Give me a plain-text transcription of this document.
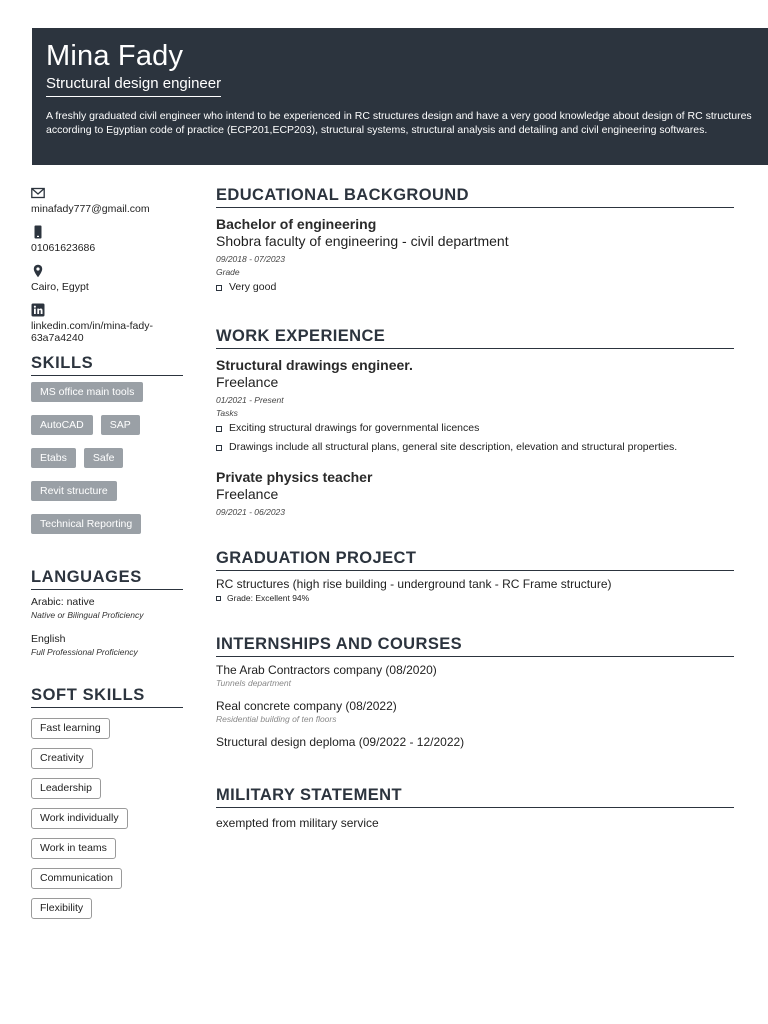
Mina Fady
Structural design engineer
A freshly graduated civil engineer who intend to be experienced in RC structures design and have a very good knowledge about design of RC structures according to Egyptian code of practice (ECP201,ECP203), structural systems, structural analysis and detailing and civil engineering softwares.
minafady777@gmail.com
01061623686
Cairo, Egypt
linkedin.com/in/mina-fady-63a7a4240
SKILLS
MS office main tools
AutoCAD	SAP
Etabs	Safe
Revit structure
Technical Reporting
LANGUAGES
Arabic: native
Native or Bilingual Proficiency
English
Full Professional Proficiency
SOFT SKILLS
Fast learning
Creativity
Leadership
Work individually
Work in teams
Communication
Flexibility
EDUCATIONAL BACKGROUND
Bachelor of engineering
Shobra faculty of engineering - civil department
09/2018 - 07/2023
Grade
Very good
WORK EXPERIENCE
Structural drawings engineer.
Freelance
01/2021 - Present
Tasks
Exciting structural drawings for governmental licences
Drawings include all structural plans, general site description, elevation and structural properties.
Private physics teacher
Freelance
09/2021 - 06/2023
GRADUATION PROJECT
RC structures (high rise building - underground tank - RC Frame structure)
Grade: Excellent 94%
INTERNSHIPS AND COURSES
The Arab Contractors company (08/2020)
Tunnels department
Real concrete company (08/2022)
Residential building of ten floors
Structural design deploma (09/2022 - 12/2022)
MILITARY STATEMENT
exempted from military service
